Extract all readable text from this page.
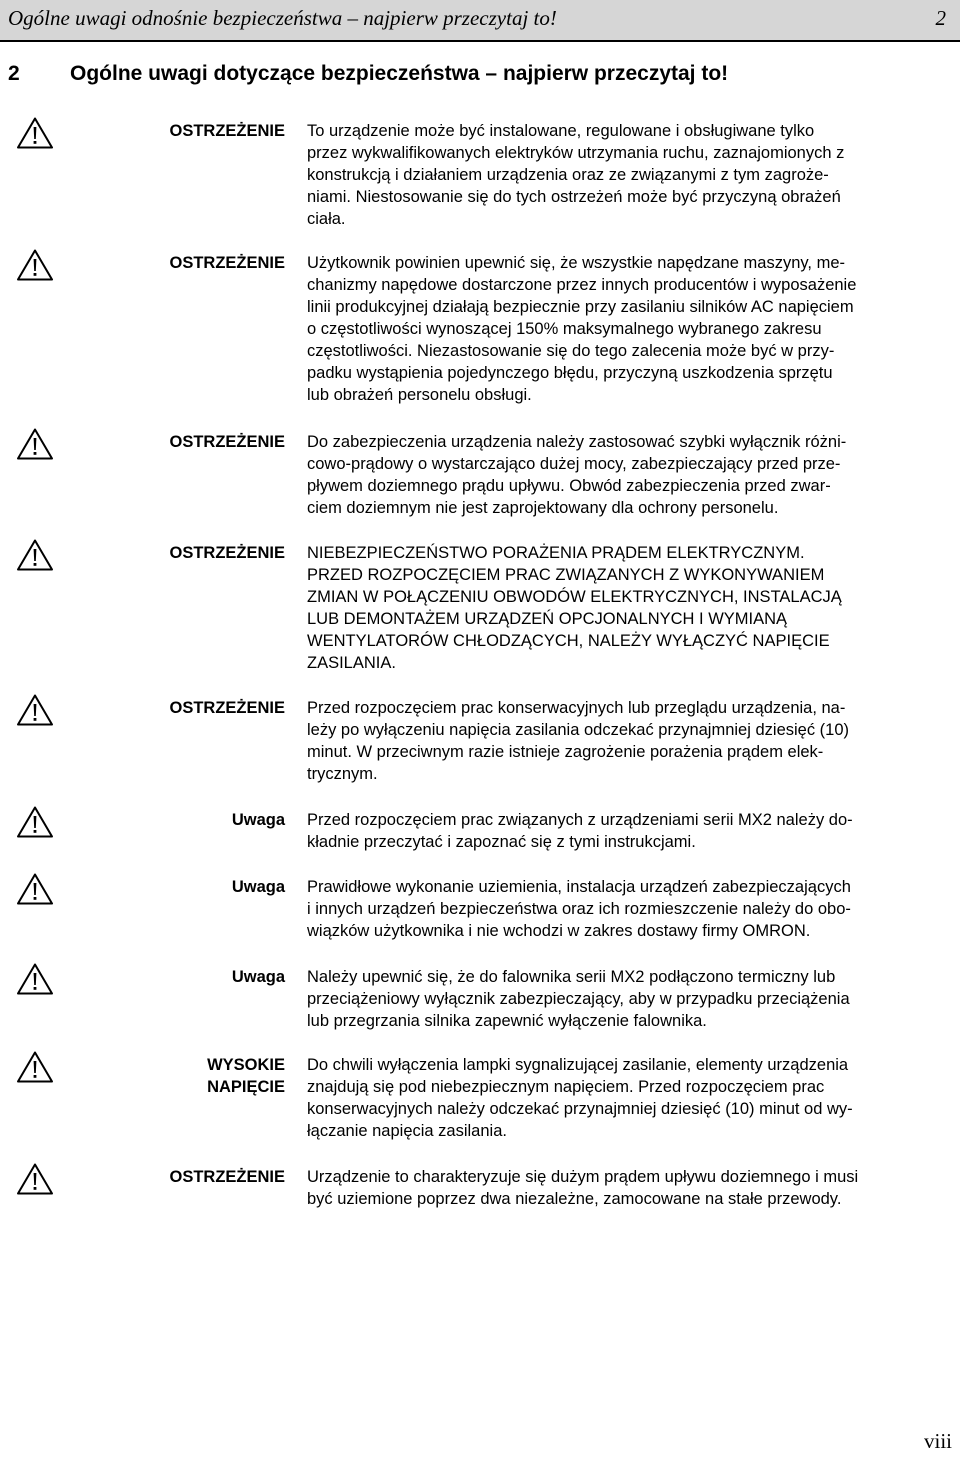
Ogólne uwagi odnośnie bezpieczeństwa – najpierw przeczytaj to!	2
2 Ogólne uwagi dotyczące bezpieczeństwa – najpierw przeczytaj to!
OSTRZEŻENIE To urządzenie może być instalowane, regulowane i obsługiwane tylko
przez wykwalifikowanych elektryków utrzymania ruchu, zaznajomionych z
konstrukcją i działaniem urządzenia oraz ze związanymi z tym zagroże-
niami. Niestosowanie się do tych ostrzeżeń może być przyczyną obrażeń
ciała.
OSTRZEŻENIE Użytkownik powinien upewnić się, że wszystkie napędzane maszyny, me-
chanizmy napędowe dostarczone przez innych producentów i wyposażenie
linii produkcyjnej działają bezpiecznie przy zasilaniu silników AC napięciem
o częstotliwości wynoszącej 150% maksymalnego wybranego zakresu
częstotliwości. Niezastosowanie się do tego zalecenia może być w przy-
padku wystąpienia pojedynczego błędu, przyczyną uszkodzenia sprzętu
lub obrażeń personelu obsługi.
OSTRZEŻENIE Do zabezpieczenia urządzenia należy zastosować szybki wyłącznik różni-
cowo-prądowy o wystarczająco dużej mocy, zabezpieczający przed prze-
pływem doziemnego prądu upływu. Obwód zabezpieczenia przed zwar-
ciem doziemnym nie jest zaprojektowany dla ochrony personelu.
OSTRZEŻENIE NIEBEZPIECZEŃSTWO PORAŻENIA PRĄDEM ELEKTRYCZNYM.
PRZED ROZPOCZĘCIEM PRAC ZWIĄZANYCH Z WYKONYWANIEM
ZMIAN W POŁĄCZENIU OBWODÓW ELEKTRYCZNYCH, INSTALACJĄ
LUB DEMONTAŻEM URZĄDZEŃ OPCJONALNYCH I WYMIANĄ
WENTYLATORÓW CHŁODZĄCYCH, NALEŻY WYŁĄCZYĆ NAPIĘCIE
ZASILANIA.
OSTRZEŻENIE Przed rozpoczęciem prac konserwacyjnych lub przeglądu urządzenia, na-
leży po wyłączeniu napięcia zasilania odczekać przynajmniej dziesięć (10)
minut. W przeciwnym razie istnieje zagrożenie porażenia prądem elek-
trycznym.
Uwaga Przed rozpoczęciem prac związanych z urządzeniami serii MX2 należy do-
kładnie przeczytać i zapoznać się z tymi instrukcjami.
Uwaga Prawidłowe wykonanie uziemienia, instalacja urządzeń zabezpieczających
i innych urządzeń bezpieczeństwa oraz ich rozmieszczenie należy do obo-
wiązków użytkownika i nie wchodzi w zakres dostawy firmy OMRON.
Uwaga Należy upewnić się, że do falownika serii MX2 podłączono termiczny lub
przeciążeniowy wyłącznik zabezpieczający, aby w przypadku przeciążenia
lub przegrzania silnika zapewnić wyłączenie falownika.
WYSOKIE
NAPIĘCIE
Do chwili wyłączenia lampki sygnalizującej zasilanie, elementy urządzenia
znajdują się pod niebezpiecznym napięciem. Przed rozpoczęciem prac
konserwacyjnych należy odczekać przynajmniej dziesięć (10) minut od wy-
łączanie napięcia zasilania.
OSTRZEŻENIE Urządzenie to charakteryzuje się dużym prądem upływu doziemnego i musi
być uziemione poprzez dwa niezależne, zamocowane na stałe przewody.
viii
